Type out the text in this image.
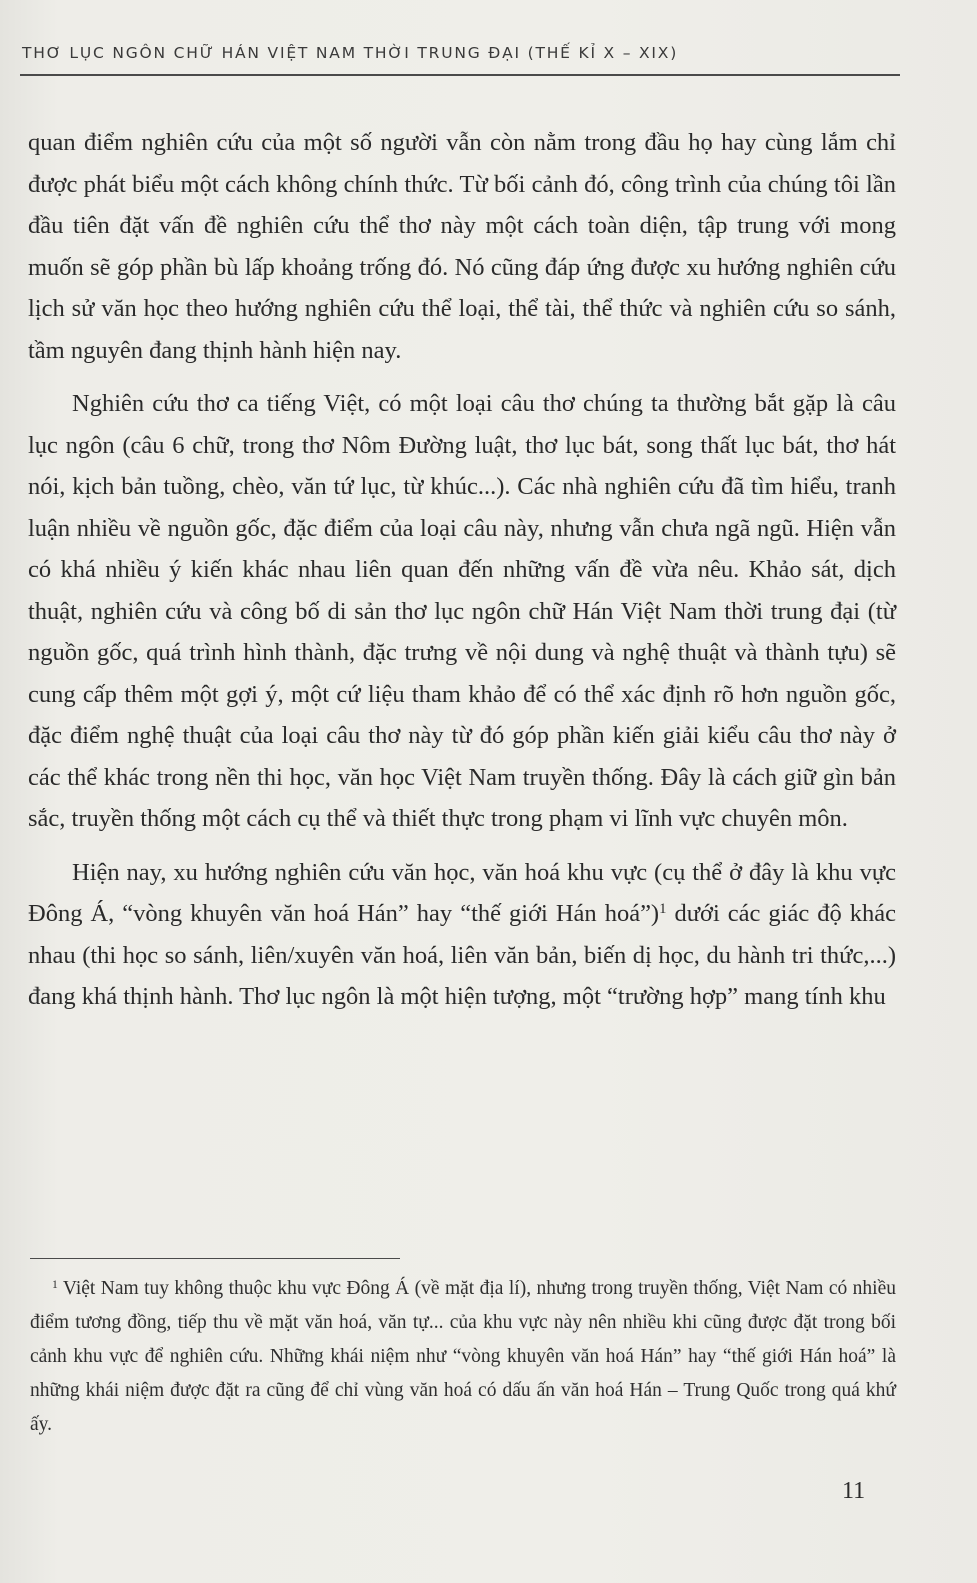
THƠ LỤC NGÔN CHỮ HÁN VIỆT NAM THỜI TRUNG ĐẠI (THẾ KỈ X – XIX)

quan điểm nghiên cứu của một số người vẫn còn nằm trong đầu họ hay cùng lắm chỉ được phát biểu một cách không chính thức. Từ bối cảnh đó, công trình của chúng tôi lần đầu tiên đặt vấn đề nghiên cứu thể thơ này một cách toàn diện, tập trung với mong muốn sẽ góp phần bù lấp khoảng trống đó. Nó cũng đáp ứng được xu hướng nghiên cứu lịch sử văn học theo hướng nghiên cứu thể loại, thể tài, thể thức và nghiên cứu so sánh, tầm nguyên đang thịnh hành hiện nay.

Nghiên cứu thơ ca tiếng Việt, có một loại câu thơ chúng ta thường bắt gặp là câu lục ngôn (câu 6 chữ, trong thơ Nôm Đường luật, thơ lục bát, song thất lục bát, thơ hát nói, kịch bản tuồng, chèo, văn tứ lục, từ khúc...). Các nhà nghiên cứu đã tìm hiểu, tranh luận nhiều về nguồn gốc, đặc điểm của loại câu này, nhưng vẫn chưa ngã ngũ. Hiện vẫn có khá nhiều ý kiến khác nhau liên quan đến những vấn đề vừa nêu. Khảo sát, dịch thuật, nghiên cứu và công bố di sản thơ lục ngôn chữ Hán Việt Nam thời trung đại (từ nguồn gốc, quá trình hình thành, đặc trưng về nội dung và nghệ thuật và thành tựu) sẽ cung cấp thêm một gợi ý, một cứ liệu tham khảo để có thể xác định rõ hơn nguồn gốc, đặc điểm nghệ thuật của loại câu thơ này từ đó góp phần kiến giải kiểu câu thơ này ở các thể khác trong nền thi học, văn học Việt Nam truyền thống. Đây là cách giữ gìn bản sắc, truyền thống một cách cụ thể và thiết thực trong phạm vi lĩnh vực chuyên môn.

Hiện nay, xu hướng nghiên cứu văn học, văn hoá khu vực (cụ thể ở đây là khu vực Đông Á, “vòng khuyên văn hoá Hán” hay “thế giới Hán hoá”)$^1$ dưới các giác độ khác nhau (thi học so sánh, liên/xuyên văn hoá, liên văn bản, biến dị học, du hành tri thức,...) đang khá thịnh hành. Thơ lục ngôn là một hiện tượng, một “trường hợp” mang tính khu

$^1$ Việt Nam tuy không thuộc khu vực Đông Á (về mặt địa lí), nhưng trong truyền thống, Việt Nam có nhiều điểm tương đồng, tiếp thu về mặt văn hoá, văn tự... của khu vực này nên nhiều khi cũng được đặt trong bối cảnh khu vực để nghiên cứu. Những khái niệm như “vòng khuyên văn hoá Hán” hay “thế giới Hán hoá” là những khái niệm được đặt ra cũng để chỉ vùng văn hoá có dấu ấn văn hoá Hán – Trung Quốc trong quá khứ ấy.
11
